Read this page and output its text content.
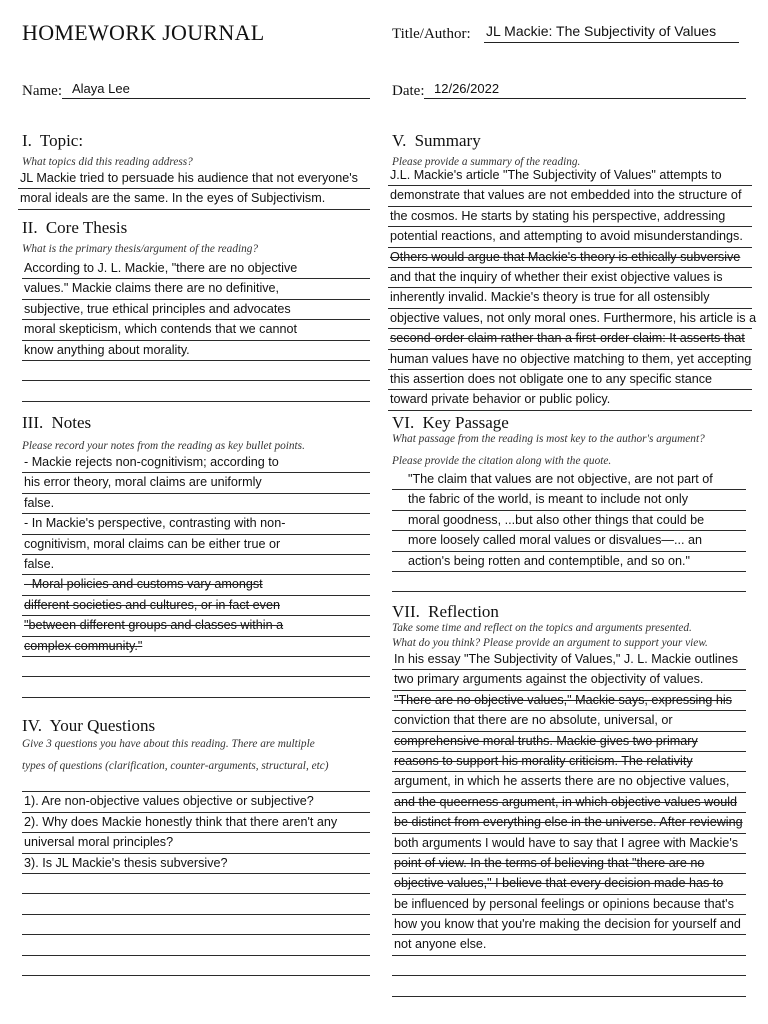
HOMEWORK JOURNAL	Title/Author: JL Mackie: The Subjectivity of Values
Name: Alaya Lee	Date: 12/26/2022
I. Topic:
What topics did this reading address?
JL Mackie tried to persuade his audience that not everyone's
moral ideals are the same. In the eyes of Subjectivism.
II. Core Thesis
What is the primary thesis/argument of the reading?
According to J. L. Mackie, "there are no objective
values." Mackie claims there are no definitive,
subjective, true ethical principles and advocates
moral skepticism, which contends that we cannot
know anything about morality.
III. Notes
Please record your notes from the reading as key bullet points.
- Mackie rejects non-cognitivism; according to
his error theory, moral claims are uniformly
false.
- In Mackie's perspective, contrasting with non-
cognitivism, moral claims can be either true or
false.
- Moral policies and customs vary amongst
different societies and cultures, or in fact even
"between different groups and classes within a
complex community."
IV. Your Questions
Give 3 questions you have about this reading. There are multiple
types of questions (clarification, counter-arguments, structural, etc)
1). Are non-objective values objective or subjective?
2). Why does Mackie honestly think that there aren't any
universal moral principles?
3). Is JL Mackie's thesis subversive?
V. Summary
Please provide a summary of the reading.
J.L. Mackie's article "The Subjectivity of Values" attempts to
demonstrate that values are not embedded into the structure of
the cosmos. He starts by stating his perspective, addressing
potential reactions, and attempting to avoid misunderstandings.
Others would argue that Mackie's theory is ethically subversive
and that the inquiry of whether their exist objective values is
inherently invalid. Mackie's theory is true for all ostensibly
objective values, not only moral ones. Furthermore, his article is a
second-order claim rather than a first-order claim: It asserts that
human values have no objective matching to them, yet accepting
this assertion does not obligate one to any specific stance
toward private behavior or public policy.
VI. Key Passage
What passage from the reading is most key to the author's argument?
Please provide the citation along with the quote.
"The claim that values are not objective, are not part of
the fabric of the world, is meant to include not only
moral goodness, ...but also other things that could be
more loosely called moral values or disvalues—... an
action's being rotten and contemptible, and so on."
VII. Reflection
Take some time and reflect on the topics and arguments presented.
What do you think? Please provide an argument to support your view.
In his essay "The Subjectivity of Values," J. L. Mackie outlines
two primary arguments against the objectivity of values.
"There are no objective values," Mackie says, expressing his
conviction that there are no absolute, universal, or
comprehensive moral truths. Mackie gives two primary
reasons to support his morality criticism. The relativity
argument, in which he asserts there are no objective values,
and the queerness argument, in which objective values would
be distinct from everything else in the universe. After reviewing
both arguments I would have to say that I agree with Mackie's
point of view. In the terms of believing that "there are no
objective values," I believe that every decision made has to
be influenced by personal feelings or opinions because that's
how you know that you're making the decision for yourself and
not anyone else.
